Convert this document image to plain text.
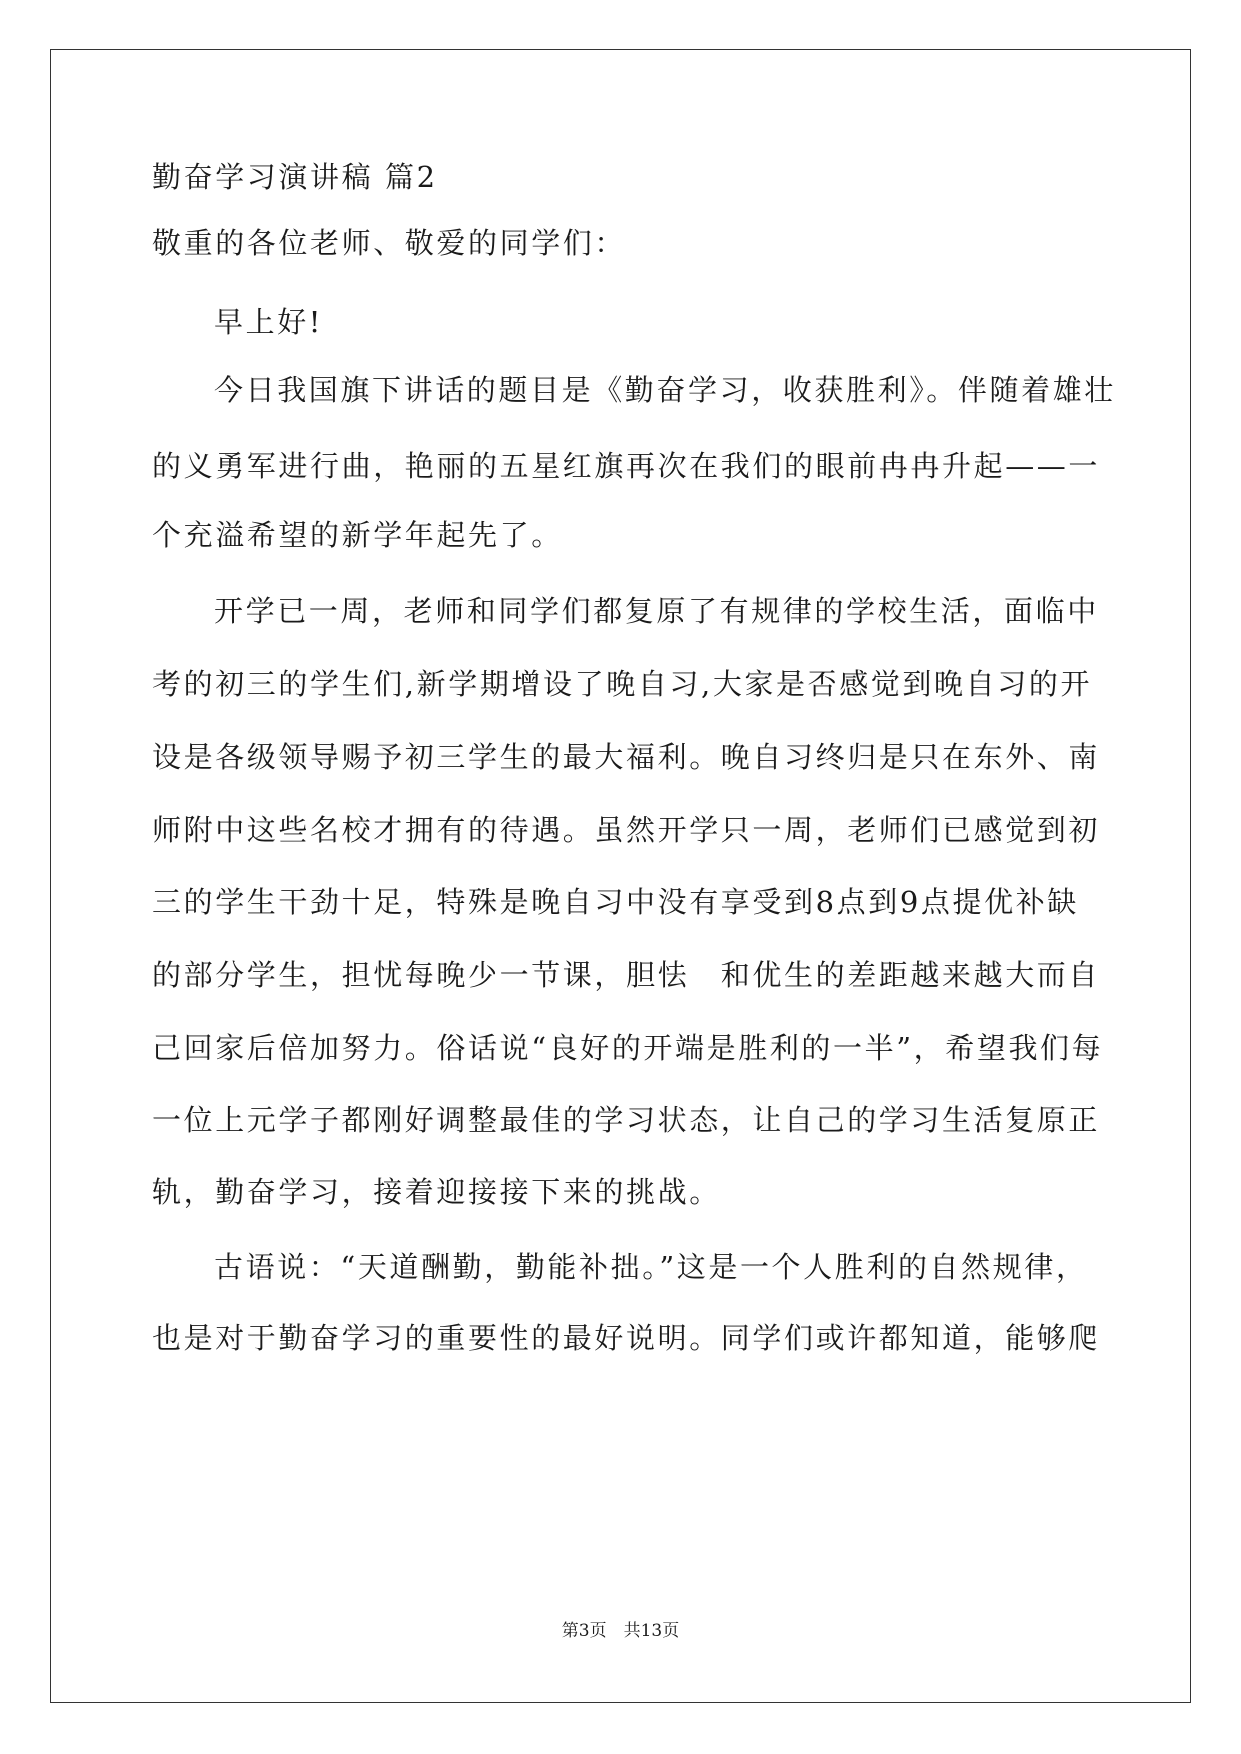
勤奋学习演讲稿 篇2
敬重的各位老师、敬爱的同学们：
早上好!
今日我国旗下讲话的题目是《勤奋学习，收获胜利》。伴随着雄壮
的义勇军进行曲，艳丽的五星红旗再次在我们的眼前冉冉升起——一
个充溢希望的新学年起先了。
开学已一周，老师和同学们都复原了有规律的学校生活，面临中
考的初三的学生们,新学期增设了晚自习,大家是否感觉到晚自习的开
设是各级领导赐予初三学生的最大福利。晚自习终归是只在东外、南
师附中这些名校才拥有的待遇。虽然开学只一周，老师们已感觉到初
三的学生干劲十足，特殊是晚自习中没有享受到8点到9点提优补缺
的部分学生，担忧每晚少一节课，胆怯　和优生的差距越来越大而自
己回家后倍加努力。俗话说“良好的开端是胜利的一半”，希望我们每
一位上元学子都刚好调整最佳的学习状态，让自己的学习生活复原正
轨，勤奋学习，接着迎接接下来的挑战。
古语说：“天道酬勤，勤能补拙。”这是一个人胜利的自然规律，
也是对于勤奋学习的重要性的最好说明。同学们或许都知道，能够爬
第3页　共13页
